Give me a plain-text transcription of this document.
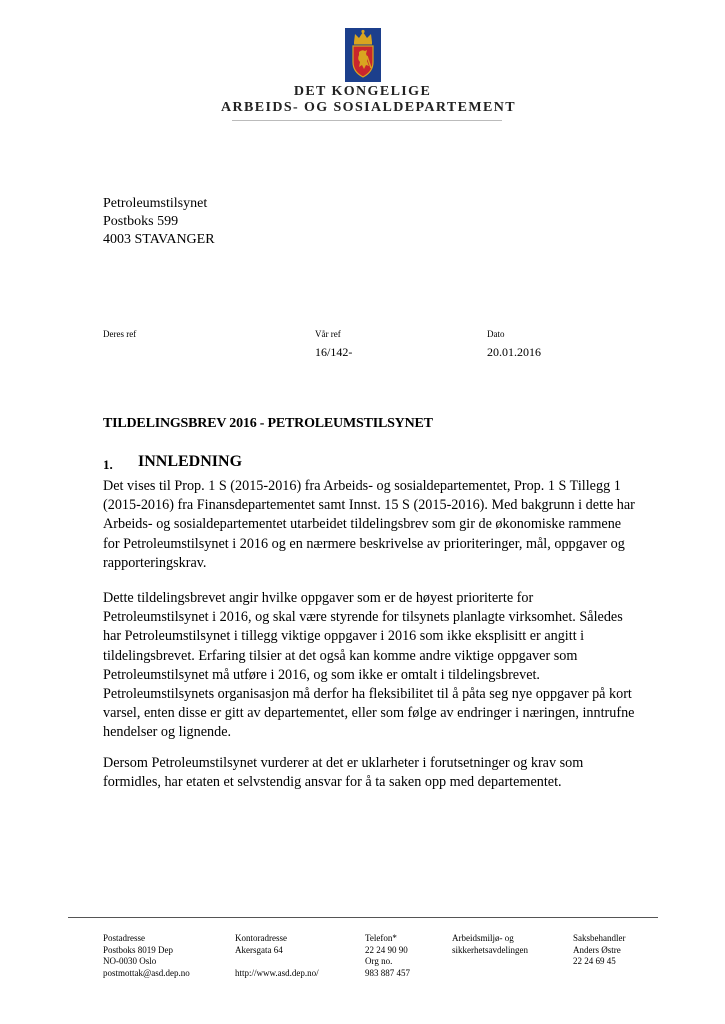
DET KONGELIGE
ARBEIDS- OG SOSIALDEPARTEMENT
Petroleumstilsynet
Postboks 599
4003 STAVANGER
Deres ref	Vår ref
16/142-
Dato
20.01.2016
TILDELINGSBREV 2016 - PETROLEUMSTILSYNET
1. INNLEDNING
Det vises til Prop. 1 S (2015-2016) fra Arbeids- og sosialdepartementet, Prop. 1 S Tillegg 1
(2015-2016) fra Finansdepartementet samt Innst. 15 S (2015-2016). Med bakgrunn i dette har
Arbeids- og sosialdepartementet utarbeidet tildelingsbrev som gir de økonomiske rammene
for Petroleumstilsynet i 2016 og en nærmere beskrivelse av prioriteringer, mål, oppgaver og
rapporteringskrav.
Dette tildelingsbrevet angir hvilke oppgaver som er de høyest prioriterte for
Petroleumstilsynet i 2016, og skal være styrende for tilsynets planlagte virksomhet. Således
har Petroleumstilsynet i tillegg viktige oppgaver i 2016 som ikke eksplisitt er angitt i
tildelingsbrevet. Erfaring tilsier at det også kan komme andre viktige oppgaver som
Petroleumstilsynet må utføre i 2016, og som ikke er omtalt i tildelingsbrevet.
Petroleumstilsynets organisasjon må derfor ha fleksibilitet til å påta seg nye oppgaver på kort
varsel, enten disse er gitt av departementet, eller som følge av endringer i næringen, inntrufne
hendelser og lignende.
Dersom Petroleumstilsynet vurderer at det er uklarheter i forutsetninger og krav som
formidles, har etaten et selvstendig ansvar for å ta saken opp med departementet.
Postadresse
Postboks 8019 Dep
NO-0030 Oslo
postmottak@asd.dep.no
Kontoradresse
Akersgata 64

http://www.asd.dep.no/
Telefon*
22 24 90 90
Org no.
983 887 457
Arbeidsmiljø- og
sikkerhetsavdelingen
Saksbehandler
Anders Østre
22 24 69 45
